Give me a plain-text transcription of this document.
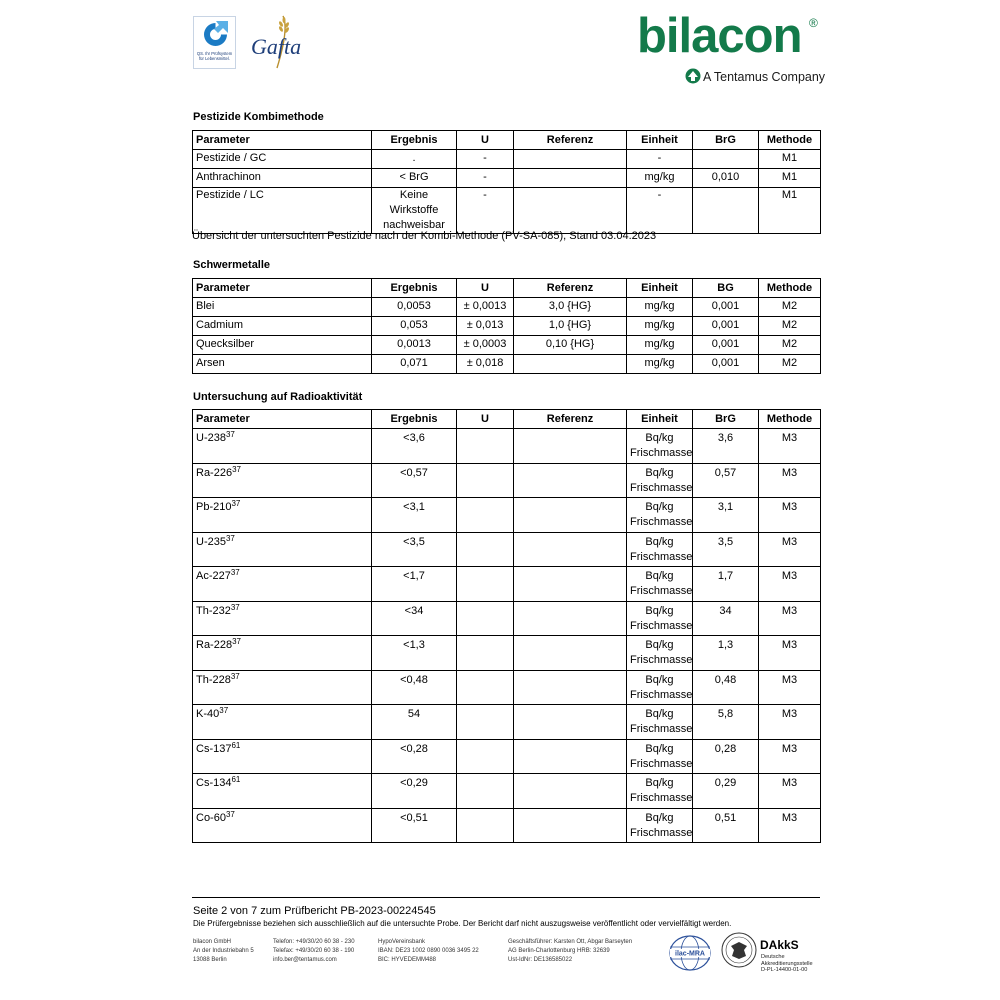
QS. Ihr Prüfsystem für Lebensmittel. Gafta	bilacon ®
A Tentamus Company
Pestizide Kombimethode
Parameter	Ergebnis	U	Referenz	Einheit	BrG	Methode
Pestizide / GC	.	-		-		M1
Anthrachinon	< BrG	-		mg/kg	0,010	M1
Pestizide / LC	Keine Wirkstoffe nachweisbar	-		-		M1
Übersicht der untersuchten Pestizide nach der Kombi-Methode (PV-SA-085), Stand 03.04.2023
Schwermetalle
Parameter	Ergebnis	U	Referenz	Einheit	BG	Methode
Blei	0,0053	± 0,0013	3,0 {HG}	mg/kg	0,001	M2
Cadmium	0,053	± 0,013	1,0 {HG}	mg/kg	0,001	M2
Quecksilber	0,0013	± 0,0003	0,10 {HG}	mg/kg	0,001	M2
Arsen	0,071	± 0,018		mg/kg	0,001	M2
Untersuchung auf Radioaktivität
Parameter	Ergebnis	U	Referenz	Einheit	BrG	Methode
$U-238^{37}$	<3,6			Bq/kg Frischmasse	3,6	M3
$Ra-226^{37}$	<0,57			Bq/kg Frischmasse	0,57	M3
$Pb-210^{37}$	<3,1			Bq/kg Frischmasse	3,1	M3
$U-235^{37}$	<3,5			Bq/kg Frischmasse	3,5	M3
$Ac-227^{37}$	<1,7			Bq/kg Frischmasse	1,7	M3
$Th-232^{37}$	<34			Bq/kg Frischmasse	34	M3
$Ra-228^{37}$	<1,3			Bq/kg Frischmasse	1,3	M3
$Th-228^{37}$	<0,48			Bq/kg Frischmasse	0,48	M3
$K-40^{37}$	54			Bq/kg Frischmasse	5,8	M3
$Cs-137^{61}$	<0,28			Bq/kg Frischmasse	0,28	M3
$Cs-134^{61}$	<0,29			Bq/kg Frischmasse	0,29	M3
$Co-60^{37}$	<0,51			Bq/kg Frischmasse	0,51	M3
Seite 2 von 7 zum Prüfbericht PB-2023-00224545
Die Prüfergebnisse beziehen sich ausschließlich auf die untersuchte Probe. Der Bericht darf nicht auszugsweise veröffentlicht oder vervielfältigt werden.
bilacon GmbH
An der Industriebahn 5
13088 Berlin
Telefon: +49/30/20 60 38 - 230
Telefax: +49/30/20 60 38 - 190
info.ber@tentamus.com
HypoVereinsbank
IBAN: DE23 1002 0890 0036 3495 22
BIC: HYVEDEMM488
Geschäftsführer: Karsten Ott, Abgar Barseyten
AG Berlin-Charlottenburg HRB: 32639
Ust-IdNr: DE136585022
ilac-MRA
DAkkS
Deutsche
Akkreditierungsstelle
D-PL-14400-01-00
